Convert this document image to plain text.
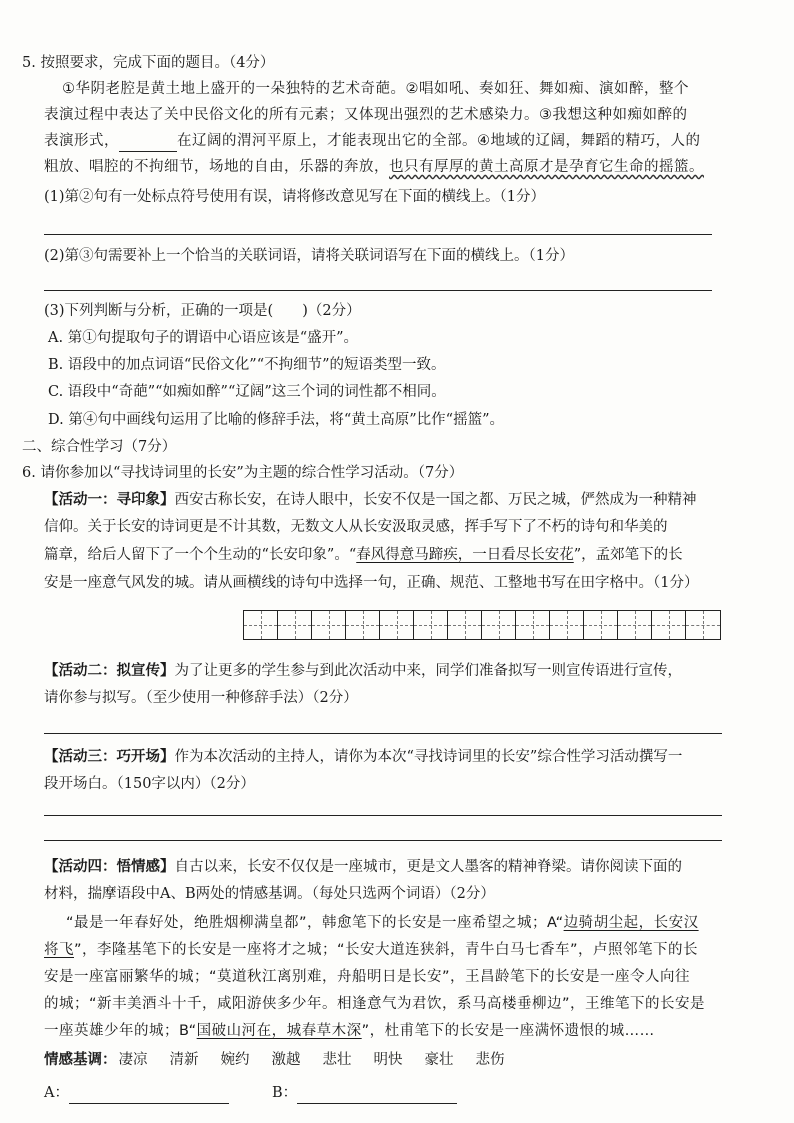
5. 按照要求，完成下面的题目。（4分）
①华阴老腔是黄土地上盛开的一朵独特的艺术奇葩。②唱如吼、奏如狂、舞如痴、演如醉，整个
表演过程中表达了关中民俗文化的所有元素；又体现出强烈的艺术感染力。③我想这种如痴如醉的
表演形式，	在辽阔的渭河平原上，才能表现出它的全部。④地域的辽阔，舞蹈的精巧，人的
粗放、唱腔的不拘细节，场地的自由，乐器的奔放，也只有厚厚的黄土高原才是孕育它生命的摇篮。
(1)第②句有一处标点符号使用有误，请将修改意见写在下面的横线上。（1分）
(2)第③句需要补上一个恰当的关联词语，请将关联词语写在下面的横线上。（1分）
(3)下列判断与分析，正确的一项是(　　)（2分）
A. 第①句提取句子的谓语中心语应该是“盛开”。
B. 语段中的加点词语“民俗文化”“不拘细节”的短语类型一致。
C. 语段中“奇葩”“如痴如醉”“辽阔”这三个词的词性都不相同。
D. 第④句中画线句运用了比喻的修辞手法，将“黄土高原”比作“摇篮”。
二、综合性学习（7分）
6. 请你参加以“寻找诗词里的长安”为主题的综合性学习活动。（7分）
【活动一：寻印象】西安古称长安，在诗人眼中，长安不仅是一国之都、万民之城，俨然成为一种精神
信仰。关于长安的诗词更是不计其数，无数文人从长安汲取灵感，挥手写下了不朽的诗句和华美的
篇章，给后人留下了一个个生动的“长安印象”。“春风得意马蹄疾，一日看尽长安花”，孟郊笔下的长
安是一座意气风发的城。请从画横线的诗句中选择一句，正确、规范、工整地书写在田字格中。（1分）
【活动二：拟宣传】为了让更多的学生参与到此次活动中来，同学们准备拟写一则宣传语进行宣传，
请你参与拟写。（至少使用一种修辞手法）（2分）
【活动三：巧开场】作为本次活动的主持人，请你为本次“寻找诗词里的长安”综合性学习活动撰写一
段开场白。（150字以内）（2分）
【活动四：悟情感】自古以来，长安不仅仅是一座城市，更是文人墨客的精神脊梁。请你阅读下面的
材料，揣摩语段中A、B两处的情感基调。（每处只选两个词语）（2分）
“最是一年春好处，绝胜烟柳满皇都”，韩愈笔下的长安是一座希望之城；A“边骑胡尘起，长安汉
将飞”，李隆基笔下的长安是一座将才之城；“长安大道连狭斜，青牛白马七香车”，卢照邻笔下的长
安是一座富丽繁华的城；“莫道秋江离别难，舟船明日是长安”，王昌龄笔下的长安是一座令人向往
的城；“新丰美酒斗十千，咸阳游侠多少年。相逢意气为君饮，系马高楼垂柳边”，王维笔下的长安是
一座英雄少年的城；B“国破山河在，城春草木深”，杜甫笔下的长安是一座满怀遗恨的城……
情感基调： 凄凉 清新 婉约 激越 悲壮 明快 豪壮 悲伤
A：	B：
